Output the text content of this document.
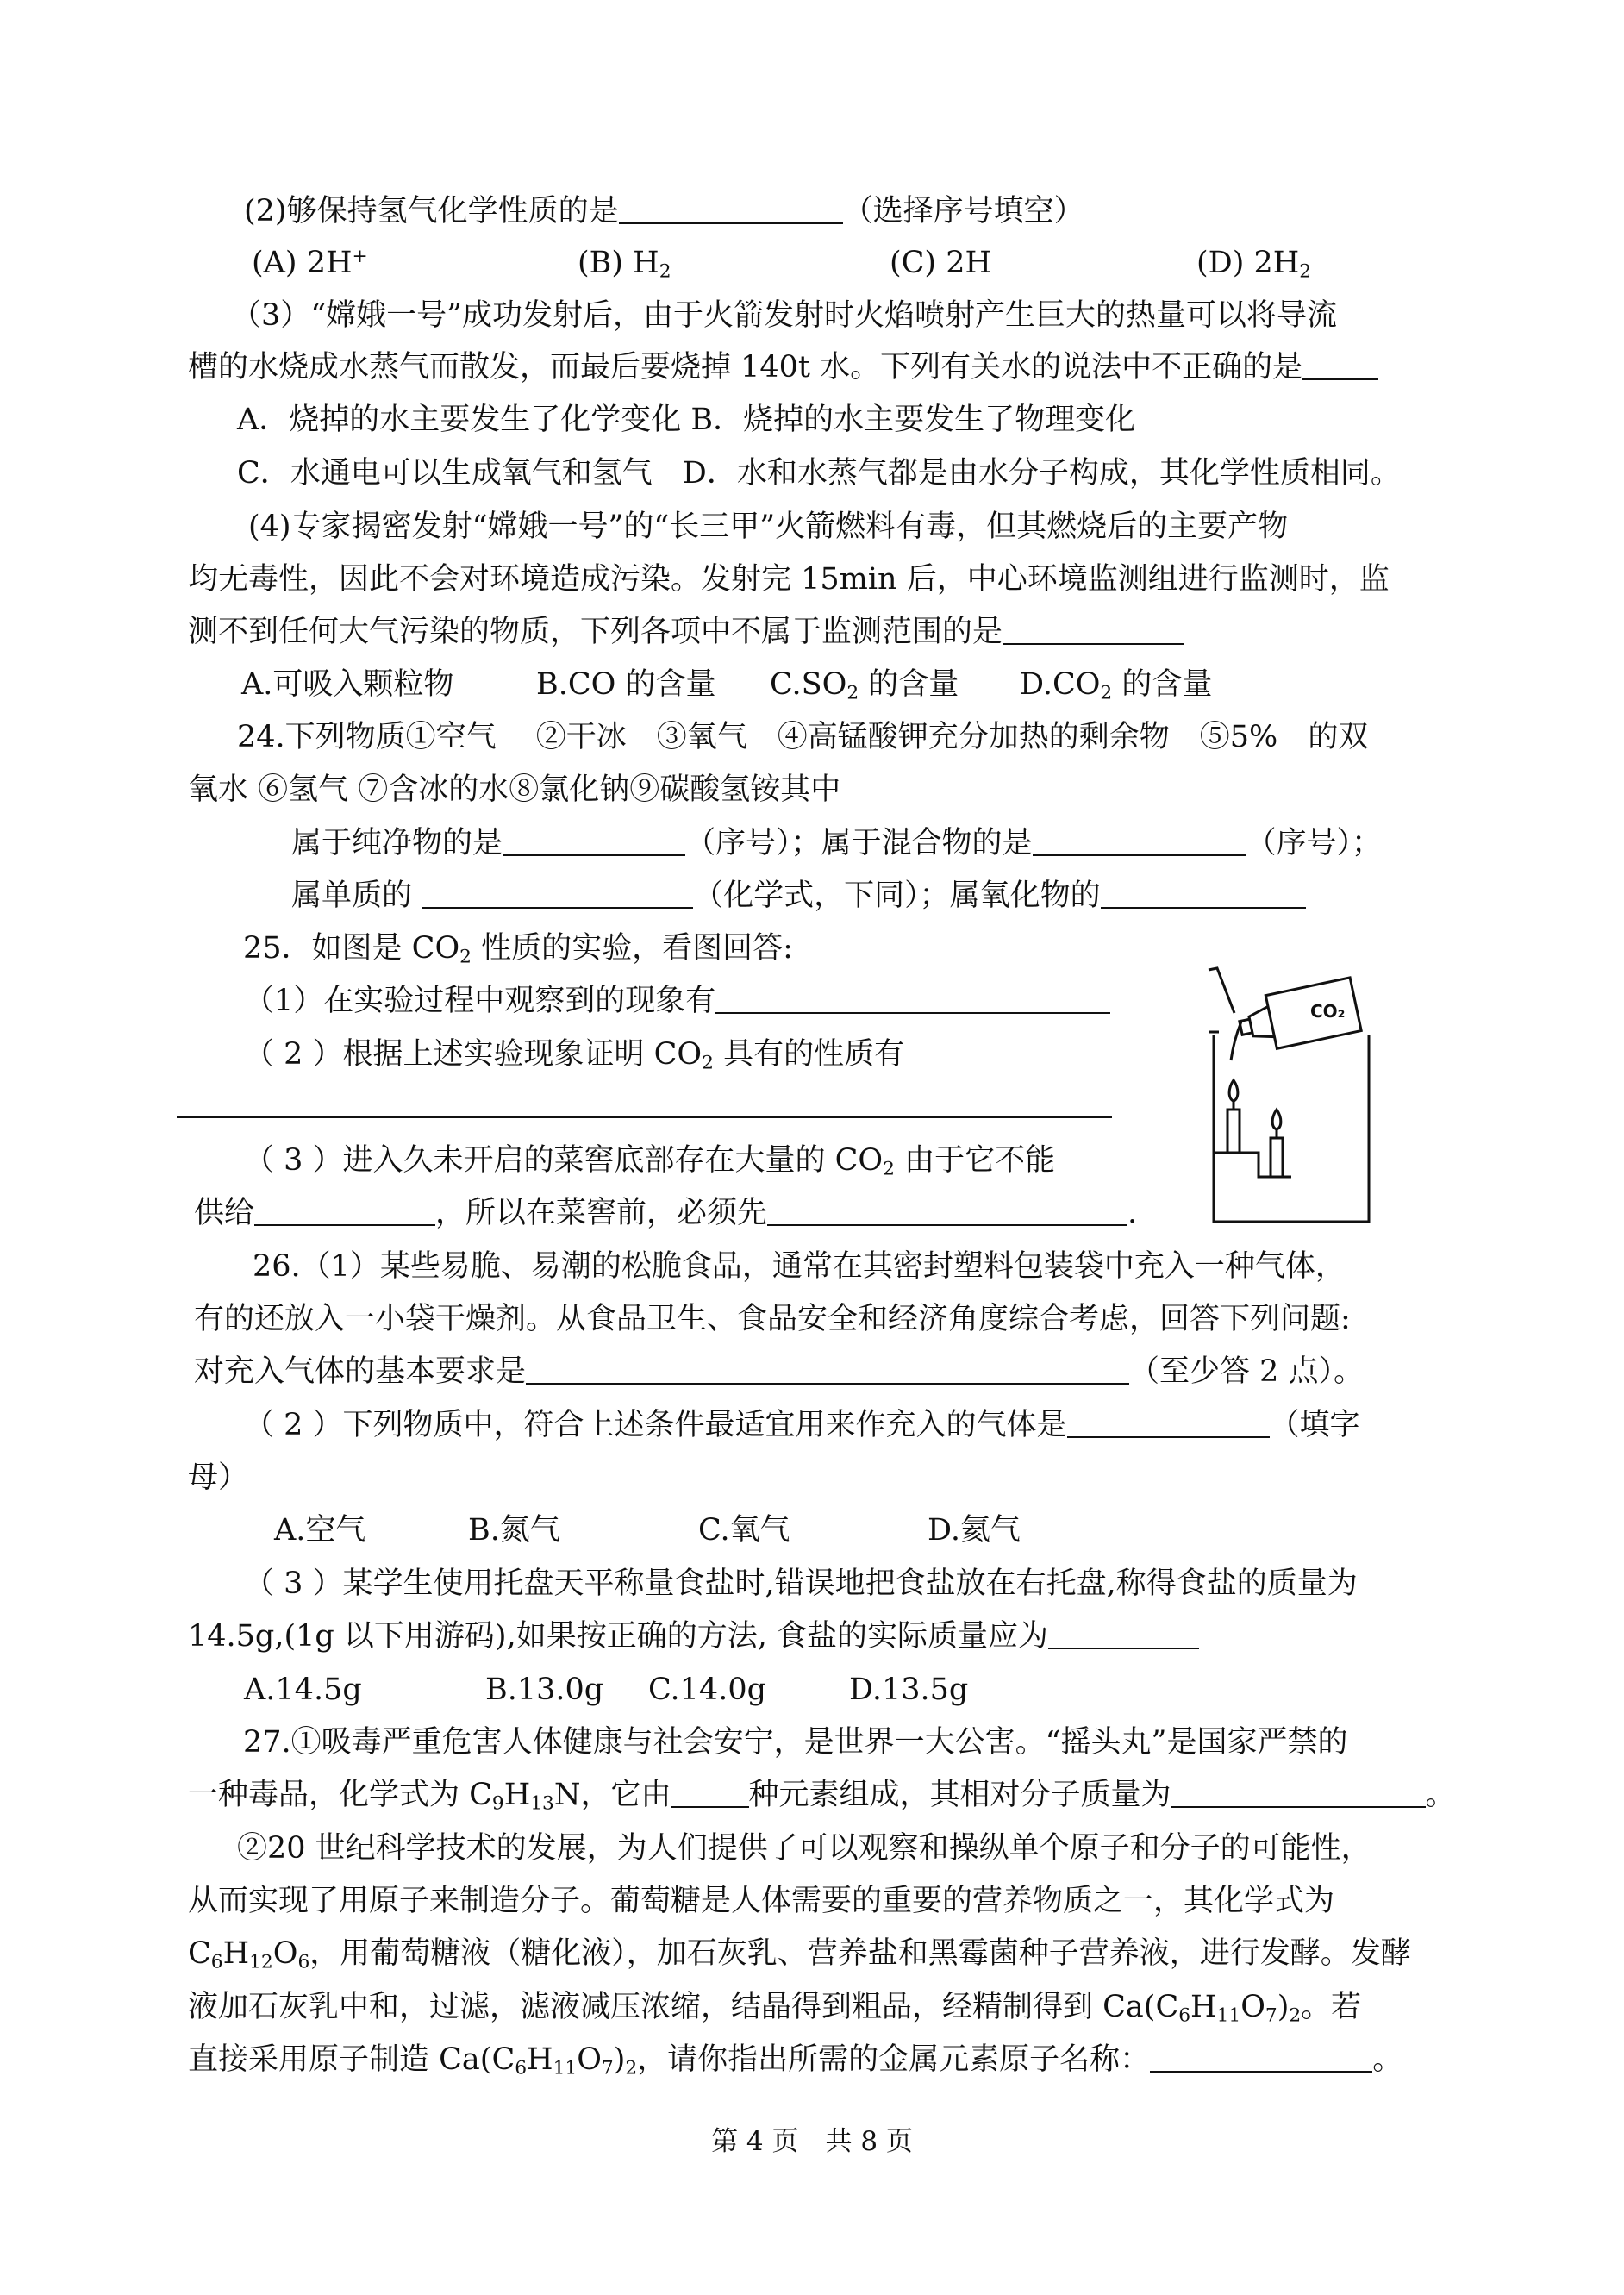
(2)够保持氢气化学性质的是	（选择序号填空）
(A) 2H+	(B) $H_2$	(C) 2H	(D) $2H_2$
（3）“嫦娥一号”成功发射后，由于火箭发射时火焰喷射产生巨大的热量可以将导流
槽的水烧成水蒸气而散发，而最后要烧掉 140t 水。下列有关水的说法中不正确的是
A．烧掉的水主要发生了化学变化 B．烧掉的水主要发生了物理变化
C．水通电可以生成氧气和氢气　D．水和水蒸气都是由水分子构成，其化学性质相同。
(4)专家揭密发射“嫦娥一号”的“长三甲”火箭燃料有毒，但其燃烧后的主要产物
均无毒性，因此不会对环境造成污染。发射完 15min 后，中心环境监测组进行监测时，监
测不到任何大气污染的物质，下列各项中不属于监测范围的是
A.可吸入颗粒物	B.CO 的含量 $C.SO_2$ 的含量 $D.CO_2$ 的含量
24.下列物质①空气　 ②干冰　③氧气　④高锰酸钾充分加热的剩余物　⑤5%　的双
氧水 ⑥氢气 ⑦含冰的水⑧氯化钠⑨碳酸氢铵其中
属于纯净物的是	（序号）；属于混合物的是	（序号）；
属单质的	（化学式，下同）；属氧化物的
25．如图是 $CO_2$ 性质的实验，看图回答:
（1）在实验过程中观察到的现象有
（ 2 ）根据上述实验现象证明 $CO_2$ 具有的性质有
（ 3 ）进入久未开启的菜窖底部存在大量的 $CO_2$ 由于它不能
供给	，所以在菜窖前，必须先	.
CO₂
26.（1）某些易脆、易潮的松脆食品，通常在其密封塑料包装袋中充入一种气体，
有的还放入一小袋干燥剂。从食品卫生、食品安全和经济角度综合考虑，回答下列问题:
对充入气体的基本要求是	（至少答 2 点）。
（ 2 ）下列物质中，符合上述条件最适宜用来作充入的气体是	（填字
母）
A.空气	B.氮气	C.氧气	D.氦气
（ 3 ）某学生使用托盘天平称量食盐时,错误地把食盐放在右托盘,称得食盐的质量为
14.5g,(1g 以下用游码),如果按正确的方法, 食盐的实际质量应为
A.14.5g	B.13.0g C.14.0g	D.13.5g
27.①吸毒严重危害人体健康与社会安宁，是世界一大公害。“摇头丸”是国家严禁的
一种毒品，化学式为 $C_9H_{13}N$，它由	种元素组成，其相对分子质量为	。
②20 世纪科学技术的发展，为人们提供了可以观察和操纵单个原子和分子的可能性，
从而实现了用原子来制造分子。葡萄糖是人体需要的重要的营养物质之一，其化学式为
$C_6H_{12}O_6$，用葡萄糖液（糖化液），加石灰乳、营养盐和黑霉菌种子营养液，进行发酵。发酵
液加石灰乳中和，过滤，滤液减压浓缩，结晶得到粗品，经精制得到 $Ca(C_6H_{11}O_7)_2$。若
直接采用原子制造 $Ca(C_6H_{11}O_7)_2$，请你指出所需的金属元素原子名称：	。
第 4 页　共 8 页
